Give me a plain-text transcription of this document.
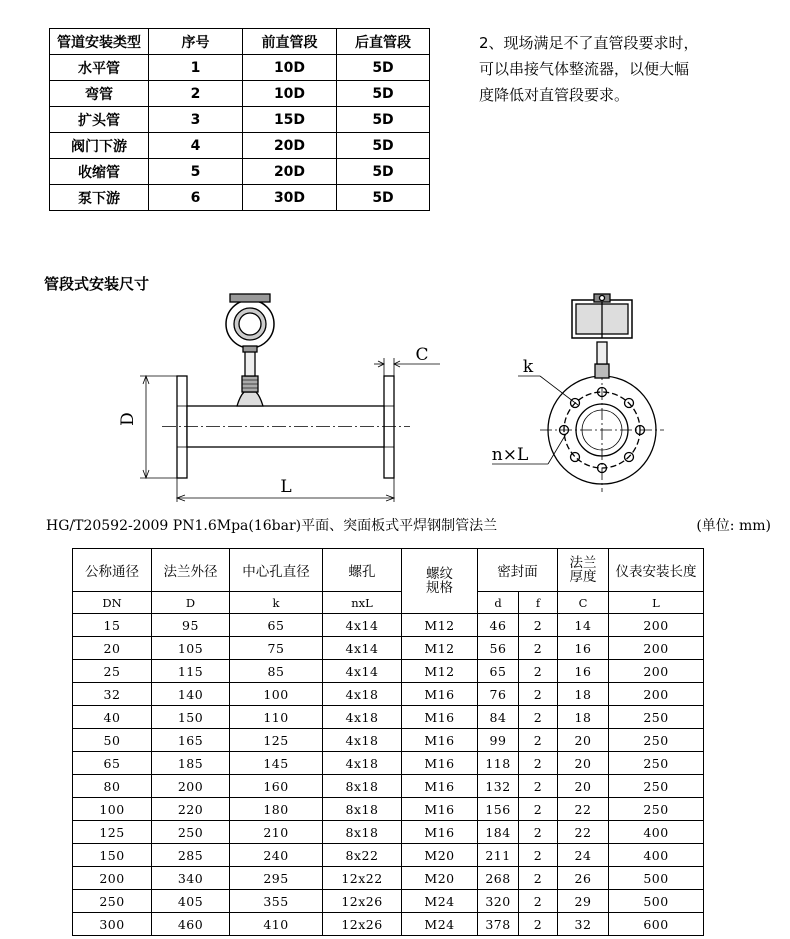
管道安装类型	序号	前直管段	后直管段
水平管	1	10D	5D
弯管	2	10D	5D
扩头管	3	15D	5D
阀门下游	4	20D	5D
收缩管	5	20D	5D
泵下游	6	30D	5D
2、现场满足不了直管段要求时，
可以串接气体整流器，以便大幅
度降低对直管段要求。
管段式安装尺寸
D
L
C
k
n×L
HG/T20592-2009 PN1.6Mpa(16bar)平面、突面板式平焊钢制管法兰	(单位: mm)
公称通径	法兰外径	中心孔直径	螺孔	螺纹规格	密封面		法兰厚度	仪表安装长度
DN	D	k	nxL		d	f	C	L
15	95	65	4x14	M12	46	2	14	200
20	105	75	4x14	M12	56	2	16	200
25	115	85	4x14	M12	65	2	16	200
32	140	100	4x18	M16	76	2	18	200
40	150	110	4x18	M16	84	2	18	250
50	165	125	4x18	M16	99	2	20	250
65	185	145	4x18	M16	118	2	20	250
80	200	160	8x18	M16	132	2	20	250
100	220	180	8x18	M16	156	2	22	250
125	250	210	8x18	M16	184	2	22	400
150	285	240	8x22	M20	211	2	24	400
200	340	295	12x22	M20	268	2	26	500
250	405	355	12x26	M24	320	2	29	500
300	460	410	12x26	M24	378	2	32	600
